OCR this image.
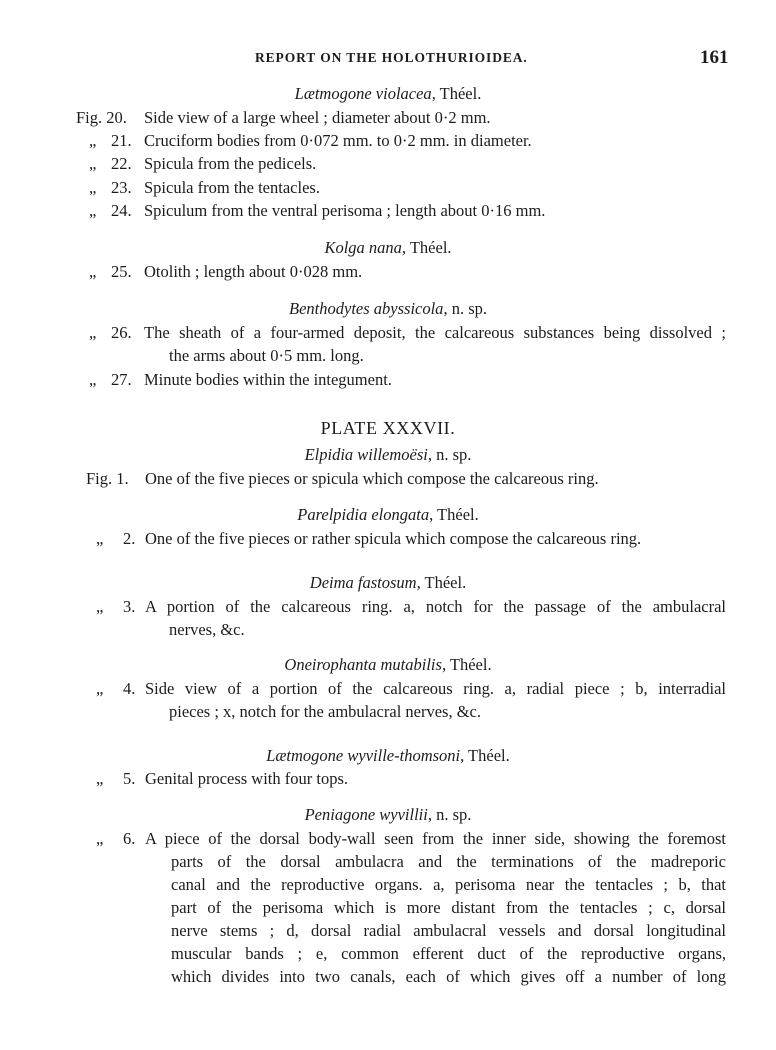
REPORT ON THE HOLOTHURIOIDEA.	161
Lætmogone violacea, Théel.
Fig. 20. Side view of a large wheel ; diameter about 0·2 mm.
„ 21. Cruciform bodies from 0·072 mm. to 0·2 mm. in diameter.
„ 22. Spicula from the pedicels.
„ 23. Spicula from the tentacles.
„ 24. Spiculum from the ventral perisoma ; length about 0·16 mm.
Kolga nana, Théel.
„ 25. Otolith ; length about 0·028 mm.
Benthodytes abyssicola, n. sp.
„ 26. The sheath of a four-armed deposit, the calcareous substances being dissolved ;
the arms about 0·5 mm. long.
„ 27. Minute bodies within the integument.
PLATE XXXVII.
Elpidia willemoësi, n. sp.
Fig. 1. One of the five pieces or spicula which compose the calcareous ring.
Parelpidia elongata, Théel.
„ 2. One of the five pieces or rather spicula which compose the calcareous ring.
Deima fastosum, Théel.
„ 3. A portion of the calcareous ring. a, notch for the passage of the ambulacral
nerves, &c.
Oneirophanta mutabilis, Théel.
„ 4. Side view of a portion of the calcareous ring. a, radial piece ; b, interradial
pieces ; x, notch for the ambulacral nerves, &c.
Lætmogone wyville-thomsoni, Théel.
„ 5. Genital process with four tops.
Peniagone wyvillii, n. sp.
„ 6. A piece of the dorsal body-wall seen from the inner side, showing the foremost
parts of the dorsal ambulacra and the terminations of the madreporic
canal and the reproductive organs. a, perisoma near the tentacles ; b, that
part of the perisoma which is more distant from the tentacles ; c, dorsal
nerve stems ; d, dorsal radial ambulacral vessels and dorsal longitudinal
muscular bands ; e, common efferent duct of the reproductive organs,
which divides into two canals, each of which gives off a number of long
